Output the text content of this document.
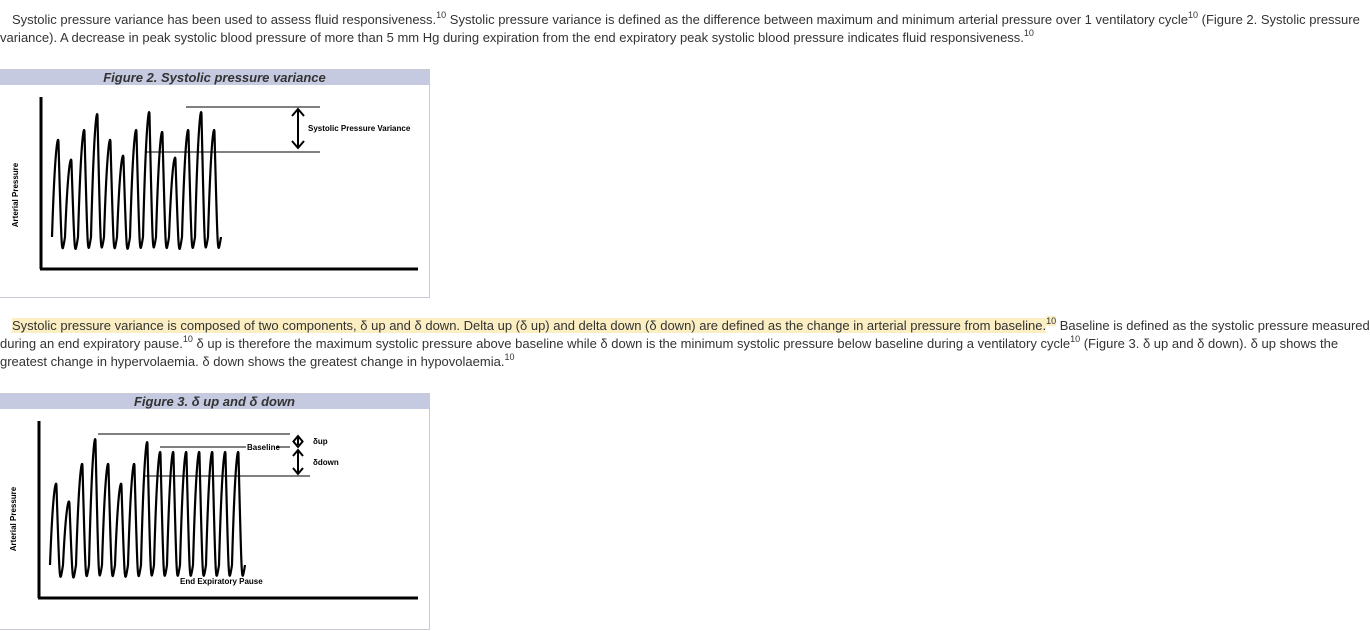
Systolic pressure variance has been used to assess fluid responsiveness.$^{10}$ Systolic pressure variance is defined as the difference between maximum and minimum arterial pressure over 1 ventilatory cycle$^{10}$ (Figure 2. Systolic pressure
variance). A decrease in peak systolic blood pressure of more than 5 mm Hg during expiration from the end expiratory peak systolic blood pressure indicates fluid responsiveness.$^{10}$
Figure 2. Systolic pressure variance
Arterial Pressure
Systolic Pressure Variance
Systolic pressure variance is composed of two components, δ up and δ down. Delta up (δ up) and delta down (δ down) are defined as the change in arterial pressure from baseline.$^{10}$ Baseline is defined as the systolic pressure measured
during an end expiratory pause.$^{10}$ δ up is therefore the maximum systolic pressure above baseline while δ down is the minimum systolic pressure below baseline during a ventilatory cycle$^{10}$ (Figure 3. δ up and δ down). δ up shows the
greatest change in hypervolaemia. δ down shows the greatest change in hypovolaemia.$^{10}$
Figure 3. δ up and δ down
Arterial Pressure
Baseline
δup
δdown
End Expiratory Pause
